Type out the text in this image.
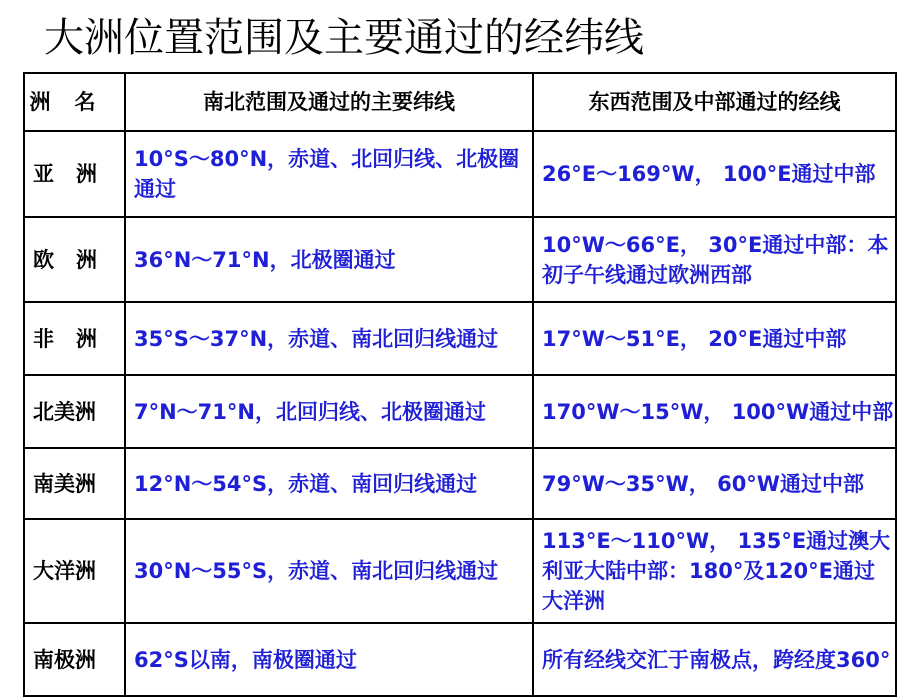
大洲位置范围及主要通过的经纬线
洲名	南北范围及通过的主要纬线	东西范围及中部通过的经线
亚洲	10°S～80°N，赤道、北回归线、北极圈通过	26°E～169°W， 100°E通过中部
欧洲	36°N～71°N，北极圈通过	10°W～66°E， 30°E通过中部：本初子午线通过欧洲西部
非洲	35°S～37°N，赤道、南北回归线通过	17°W～51°E， 20°E通过中部
北美洲	7°N～71°N，北回归线、北极圈通过	170°W～15°W， 100°W通过中部
南美洲	12°N～54°S，赤道、南回归线通过	79°W～35°W， 60°W通过中部
大洋洲	30°N～55°S，赤道、南北回归线通过	113°E～110°W， 135°E通过澳大利亚大陆中部：180°及120°E通过大洋洲
南极洲	62°S以南，南极圈通过	所有经线交汇于南极点，跨经度360°
